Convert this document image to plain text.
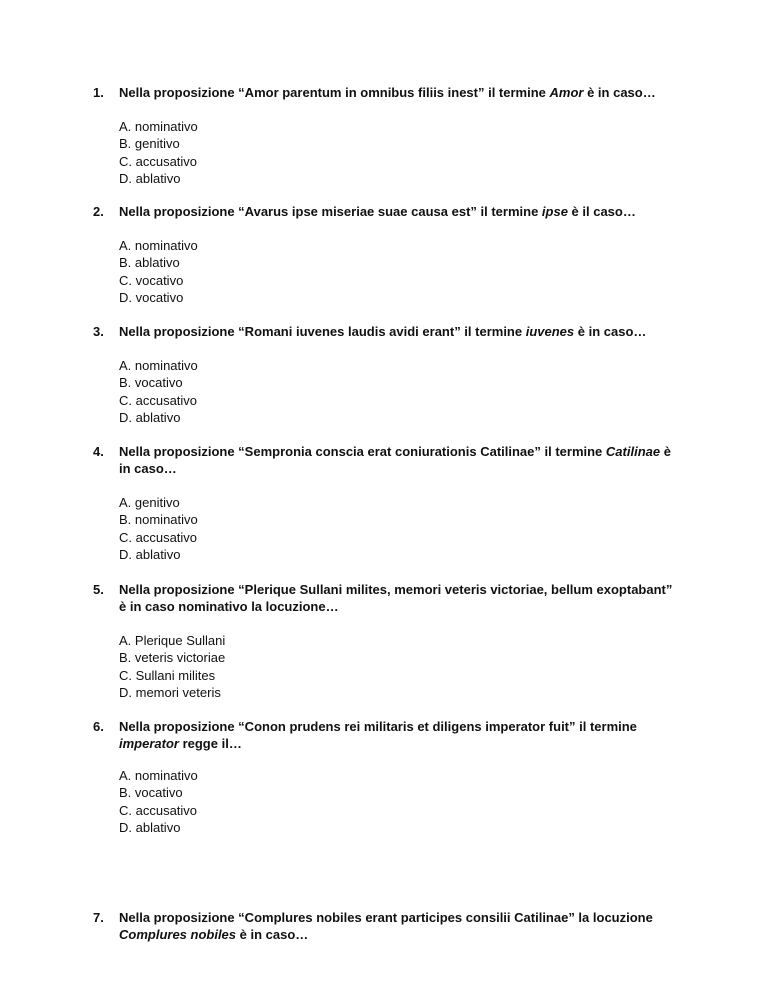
1. Nella proposizione “Amor parentum in omnibus filiis inest” il termine Amor è in caso…
A. nominativo
B. genitivo
C. accusativo
D. ablativo
2. Nella proposizione “Avarus ipse miseriae suae causa est” il termine ipse è il caso…
A. nominativo
B. ablativo
C. vocativo
D. vocativo
3. Nella proposizione “Romani iuvenes laudis avidi erant” il termine iuvenes è in caso…
A. nominativo
B. vocativo
C. accusativo
D. ablativo
4. Nella proposizione “Sempronia conscia erat coniurationis Catilinae” il termine Catilinae è in caso…
A. genitivo
B. nominativo
C. accusativo
D. ablativo
5. Nella proposizione “Plerique Sullani milites, memori veteris victoriae, bellum exoptabant” è in caso nominativo la locuzione…
A. Plerique Sullani
B. veteris victoriae
C. Sullani milites
D. memori veteris
6. Nella proposizione “Conon prudens rei militaris et diligens imperator fuit” il termine imperator regge il…
A. nominativo
B. vocativo
C. accusativo
D. ablativo
7. Nella proposizione “Complures nobiles erant participes consilii Catilinae” la locuzione Complures nobiles è in caso…
